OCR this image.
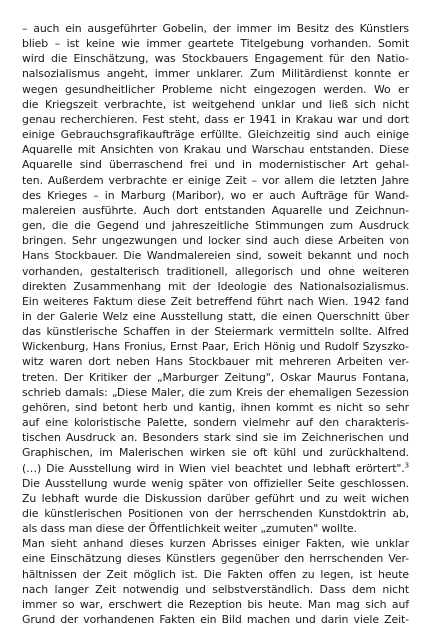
– auch ein ausgeführter Gobelin, der immer im Besitz des Künstlers
blieb – ist keine wie immer geartete Titelgebung vorhanden. Somit
wird die Einschätzung, was Stockbauers Engagement für den Natio-
nalsozialismus angeht, immer unklarer. Zum Militärdienst konnte er
wegen gesundheitlicher Probleme nicht eingezogen werden. Wo er
die Kriegszeit verbrachte, ist weitgehend unklar und ließ sich nicht
genau recherchieren. Fest steht, dass er 1941 in Krakau war und dort
einige Gebrauchsgrafikaufträge erfüllte. Gleichzeitig sind auch einige
Aquarelle mit Ansichten von Krakau und Warschau entstanden. Diese
Aquarelle sind überraschend frei und in modernistischer Art gehal-
ten. Außerdem verbrachte er einige Zeit – vor allem die letzten Jahre
des Krieges – in Marburg (Maribor), wo er auch Aufträge für Wand-
malereien ausführte. Auch dort entstanden Aquarelle und Zeichnun-
gen, die die Gegend und jahreszeitliche Stimmungen zum Ausdruck
bringen. Sehr ungezwungen und locker sind auch diese Arbeiten von
Hans Stockbauer. Die Wandmalereien sind, soweit bekannt und noch
vorhanden, gestalterisch traditionell, allegorisch und ohne weiteren
direkten Zusammenhang mit der Ideologie des Nationalsozialismus.
Ein weiteres Faktum diese Zeit betreffend führt nach Wien. 1942 fand
in der Galerie Welz eine Ausstellung statt, die einen Querschnitt über
das künstlerische Schaffen in der Steiermark vermitteln sollte. Alfred
Wickenburg, Hans Fronius, Ernst Paar, Erich Hönig und Rudolf Szyszko-
witz waren dort neben Hans Stockbauer mit mehreren Arbeiten ver-
treten. Der Kritiker der „Marburger Zeitung", Oskar Maurus Fontana,
schrieb damals: „Diese Maler, die zum Kreis der ehemaligen Sezession
gehören, sind betont herb und kantig, ihnen kommt es nicht so sehr
auf eine koloristische Palette, sondern vielmehr auf den charakteris-
tischen Ausdruck an. Besonders stark sind sie im Zeichnerischen und
Graphischen, im Malerischen wirken sie oft kühl und zurückhaltend.
(…) Die Ausstellung wird in Wien viel beachtet und lebhaft erörtert".$^3$
Die Ausstellung wurde wenig später von offizieller Seite geschlossen.
Zu lebhaft wurde die Diskussion darüber geführt und zu weit wichen
die künstlerischen Positionen von der herrschenden Kunstdoktrin ab,
als dass man diese der Öffentlichkeit weiter „zumuten" wollte.
Man sieht anhand dieses kurzen Abrisses einiger Fakten, wie unklar
eine Einschätzung dieses Künstlers gegenüber den herrschenden Ver-
hältnissen der Zeit möglich ist. Die Fakten offen zu legen, ist heute
nach langer Zeit notwendig und selbstverständlich. Dass dem nicht
immer so war, erschwert die Rezeption bis heute. Man mag sich auf
Grund der vorhandenen Fakten ein Bild machen und darin viele Zeit-
